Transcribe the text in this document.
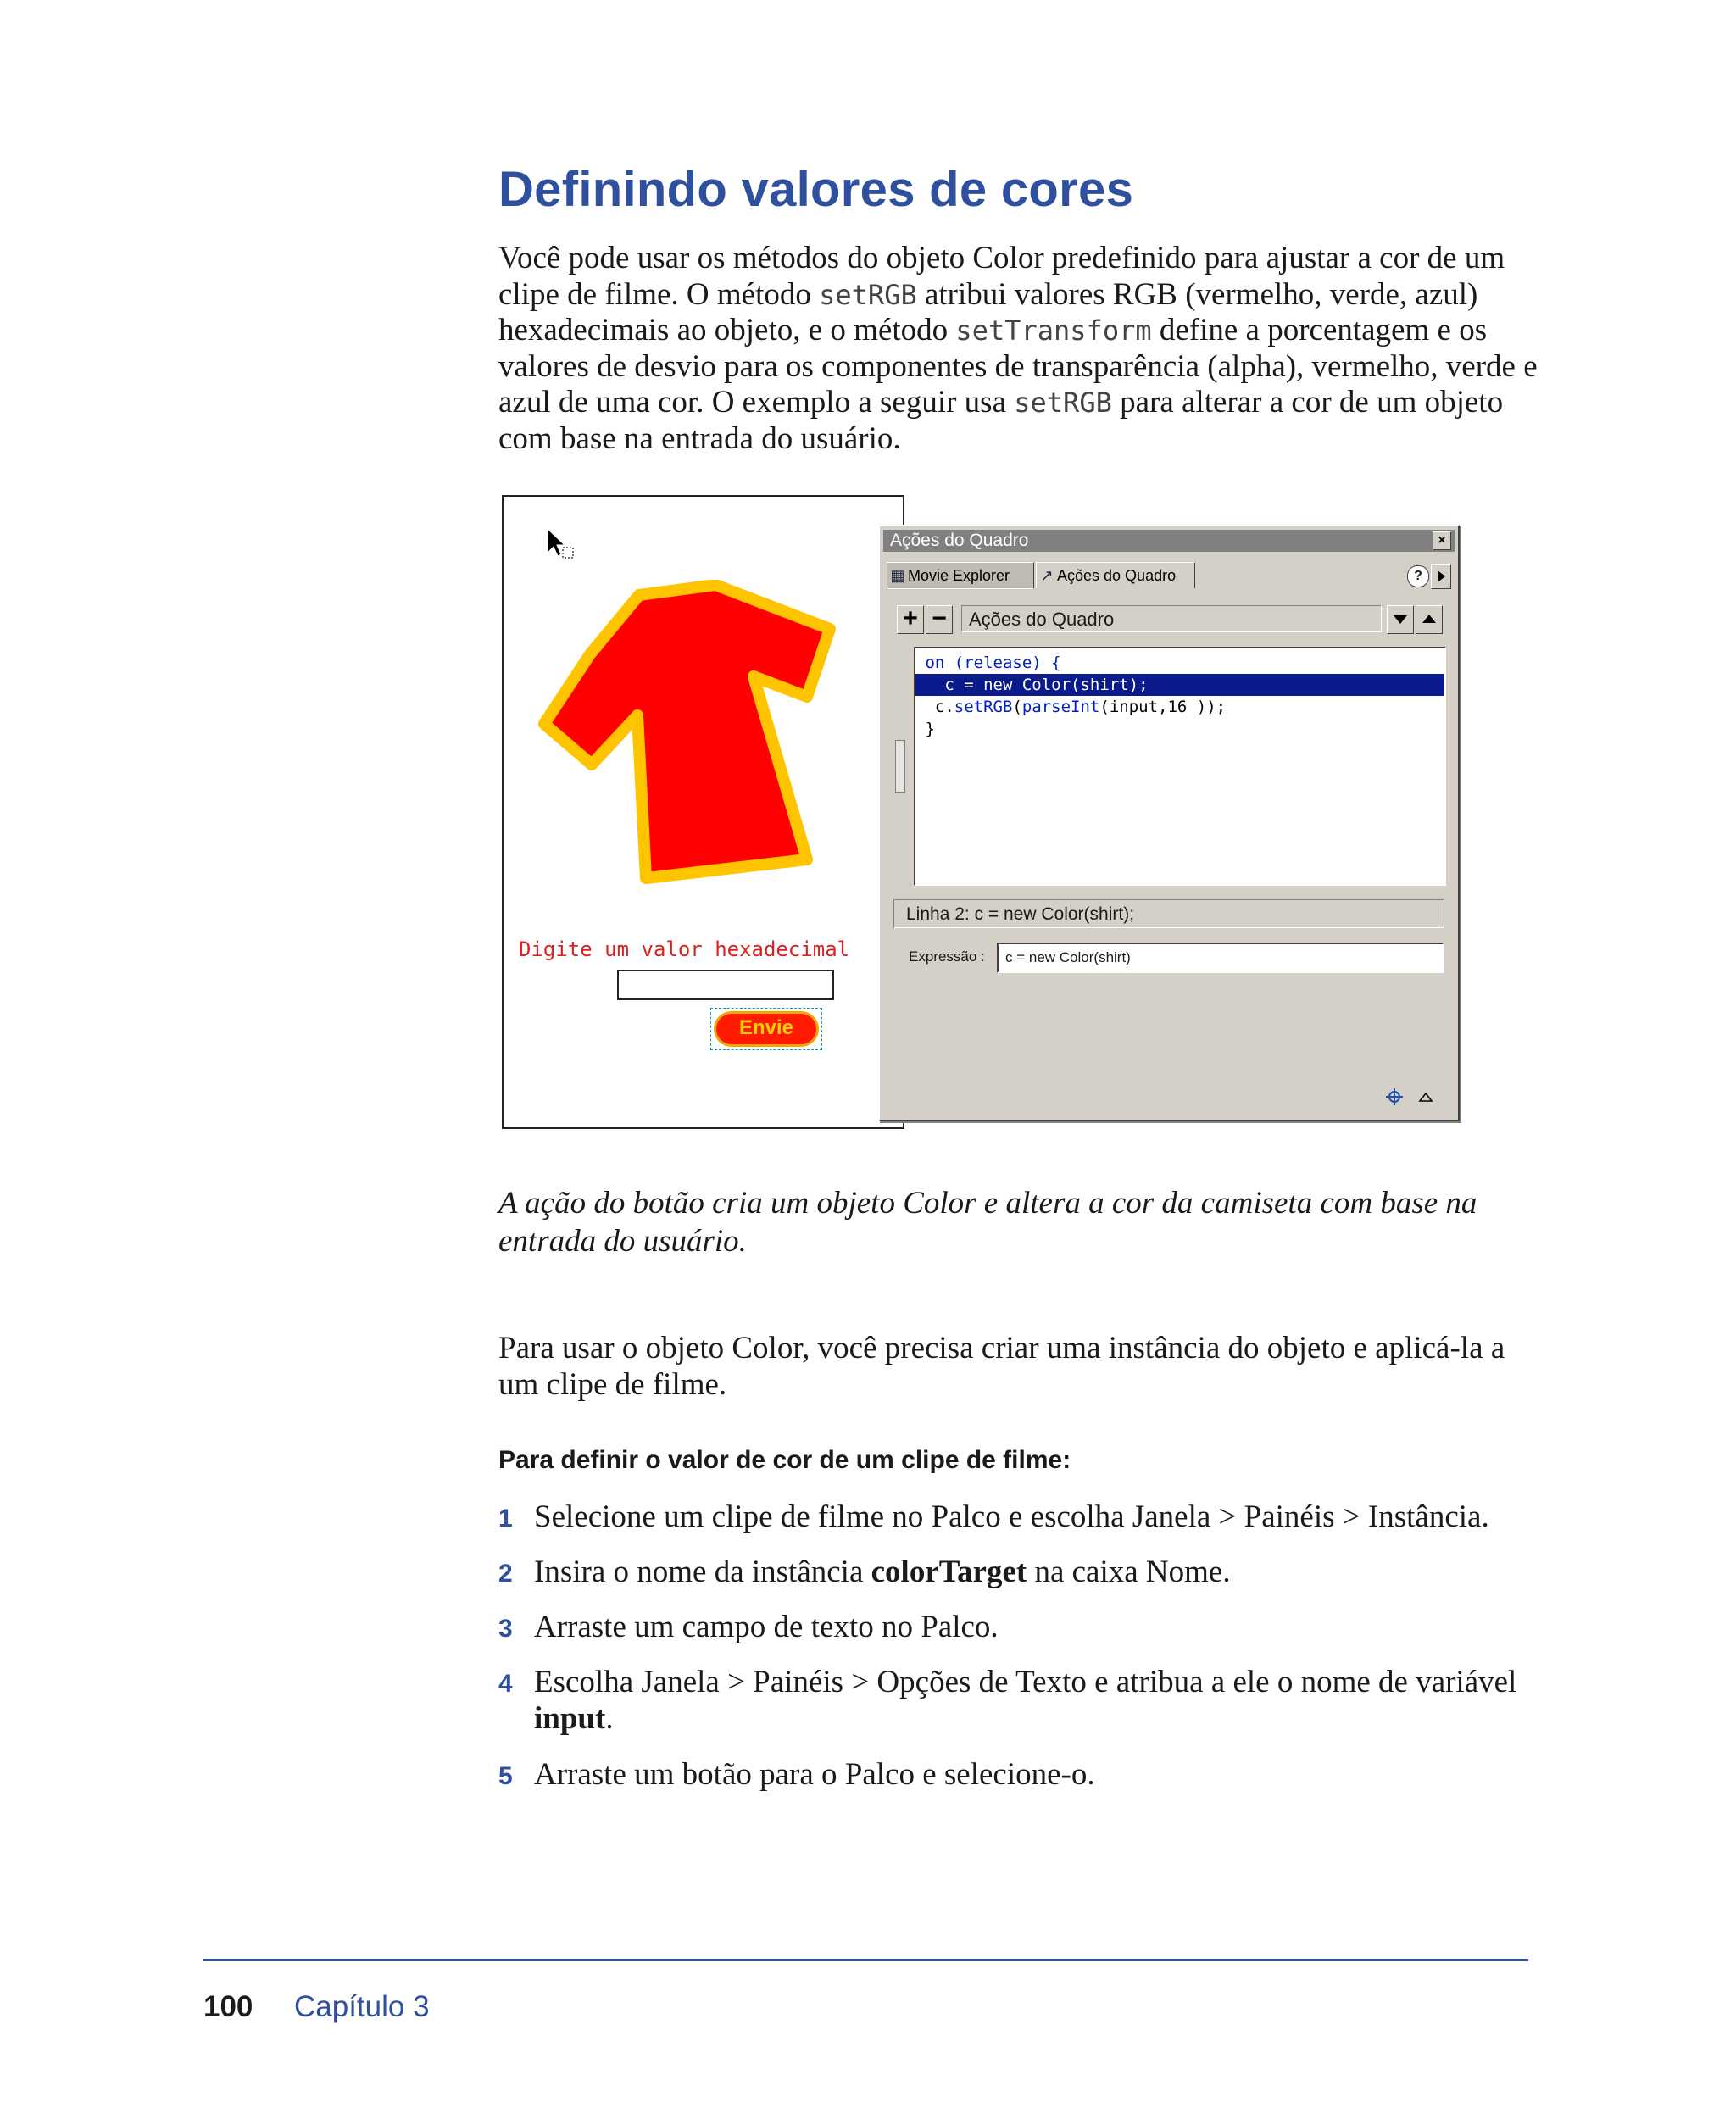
Definindo valores de cores
Você pode usar os métodos do objeto Color predefinido para ajustar a cor de um clipe de filme. O método setRGB atribui valores RGB (vermelho, verde, azul) hexadecimais ao objeto, e o método setTransform define a porcentagem e os valores de desvio para os componentes de transparência (alpha), vermelho, verde e azul de uma cor. O exemplo a seguir usa setRGB para alterar a cor de um objeto com base na entrada do usuário.
Digite um valor hexadecimal
Envie
Ações do Quadro	×
▦ Movie Explorer	↗ Ações do Quadro	?
+ −	Ações do Quadro
on (release) {
c = new Color(shirt);
c.setRGB(parseInt(input,16 ));
}
Linha 2: c = new Color(shirt);
Expressão :	c = new Color(shirt)
A ação do botão cria um objeto Color e altera a cor da camiseta com base na entrada do usuário.
Para usar o objeto Color, você precisa criar uma instância do objeto e aplicá-la a um clipe de filme.
Para definir o valor de cor de um clipe de filme:
1 Selecione um clipe de filme no Palco e escolha Janela > Painéis > Instância.
2 Insira o nome da instância colorTarget na caixa Nome.
3 Arraste um campo de texto no Palco.
4 Escolha Janela > Painéis > Opções de Texto e atribua a ele o nome de variável input.
5 Arraste um botão para o Palco e selecione-o.
100 Capítulo 3
